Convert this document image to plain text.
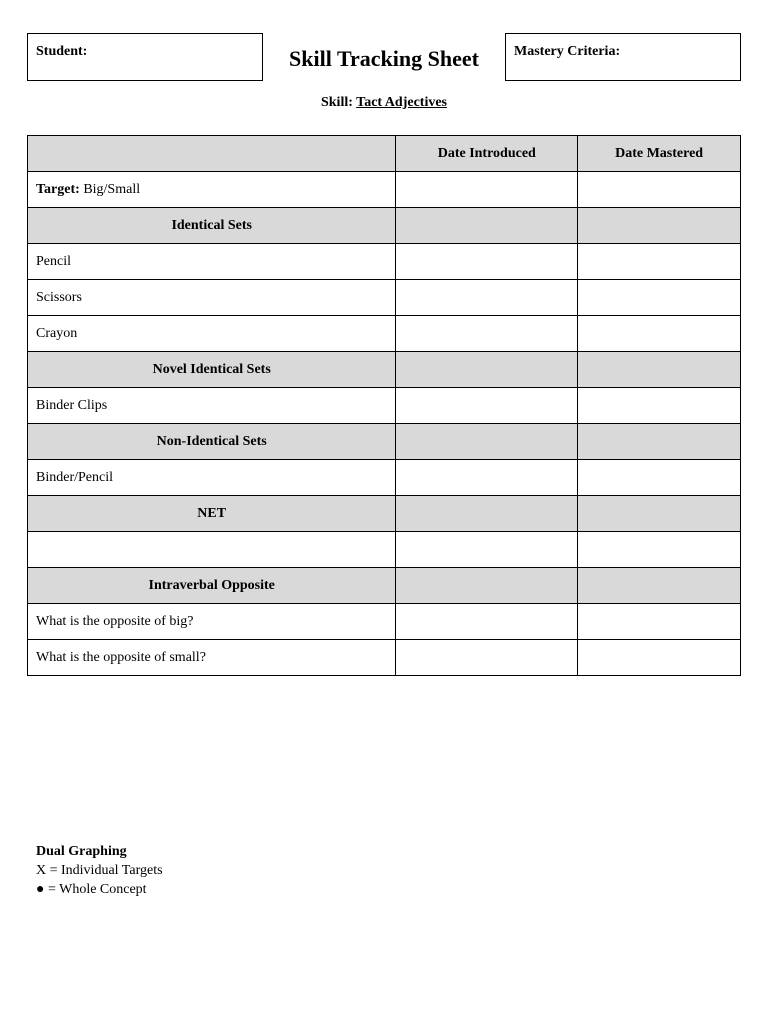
Student:	Skill Tracking Sheet	Mastery Criteria:
Skill: Tact Adjectives
	Date Introduced	Date Mastered
Target: Big/Small		
Identical Sets		
Pencil		
Scissors		
Crayon		
Novel Identical Sets		
Binder Clips		
Non-Identical Sets		
Binder/Pencil		
NET		

Intraverbal Opposite		
What is the opposite of big?		
What is the opposite of small?		
Dual Graphing
X = Individual Targets
● = Whole Concept
